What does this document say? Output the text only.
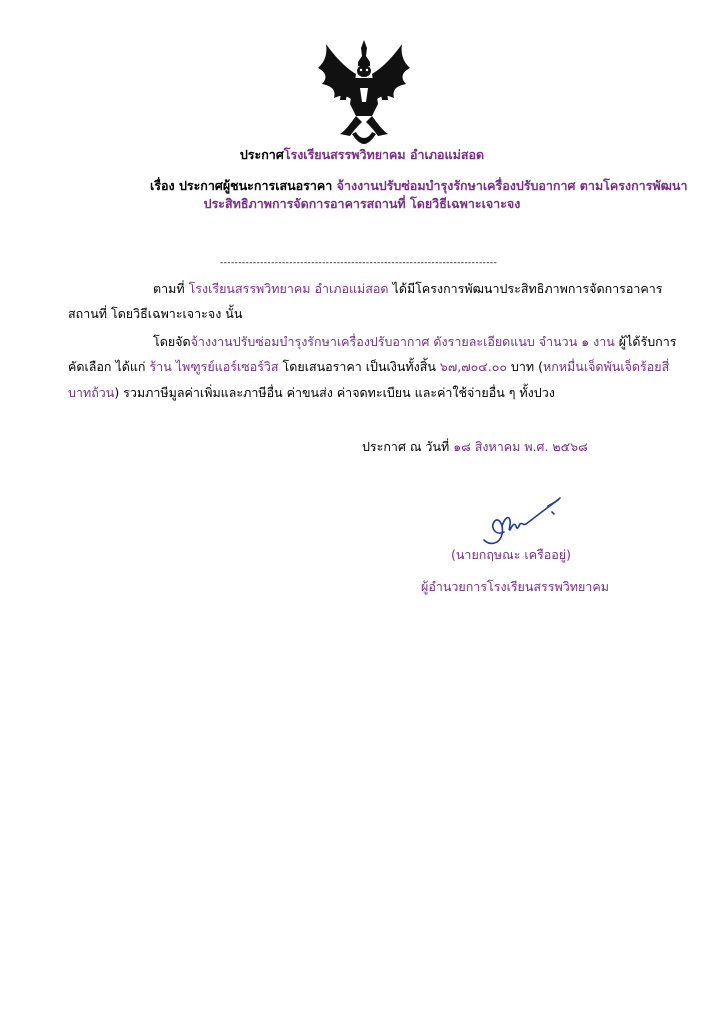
ประกาศโรงเรียนสรรพวิทยาคม อำเภอแม่สอด
เรื่อง ประกาศผู้ชนะการเสนอราคา จ้างงานปรับซ่อมบำรุงรักษาเครื่องปรับอากาศ ตามโครงการพัฒนา
ประสิทธิภาพการจัดการอาคารสถานที่ โดยวิธีเฉพาะเจาะจง
----------------------------------------------------------------------------
ตามที่ โรงเรียนสรรพวิทยาคม อำเภอแม่สอด ได้มีโครงการพัฒนาประสิทธิภาพการจัดการอาคาร
สถานที่ โดยวิธีเฉพาะเจาะจง นั้น
โดยจัดจ้างงานปรับซ่อมบำรุงรักษาเครื่องปรับอากาศ ดังรายละเอียดแนบ จำนวน ๑ งาน ผู้ได้รับการ
คัดเลือก ได้แก่ ร้าน ไพฑูรย์แอร์เซอร์วิส โดยเสนอราคา เป็นเงินทั้งสิ้น ๖๗,๗๐๔.๐๐ บาท (หกหมื่นเจ็ดพันเจ็ดร้อยสี่
บาทถ้วน) รวมภาษีมูลค่าเพิ่มและภาษีอื่น ค่าขนส่ง ค่าจดทะเบียน และค่าใช้จ่ายอื่น ๆ ทั้งปวง
ประกาศ ณ วันที่ ๑๘ สิงหาคม พ.ศ. ๒๕๖๘
(นายกฤษณะ เครืออยู่)
ผู้อำนวยการโรงเรียนสรรพวิทยาคม
